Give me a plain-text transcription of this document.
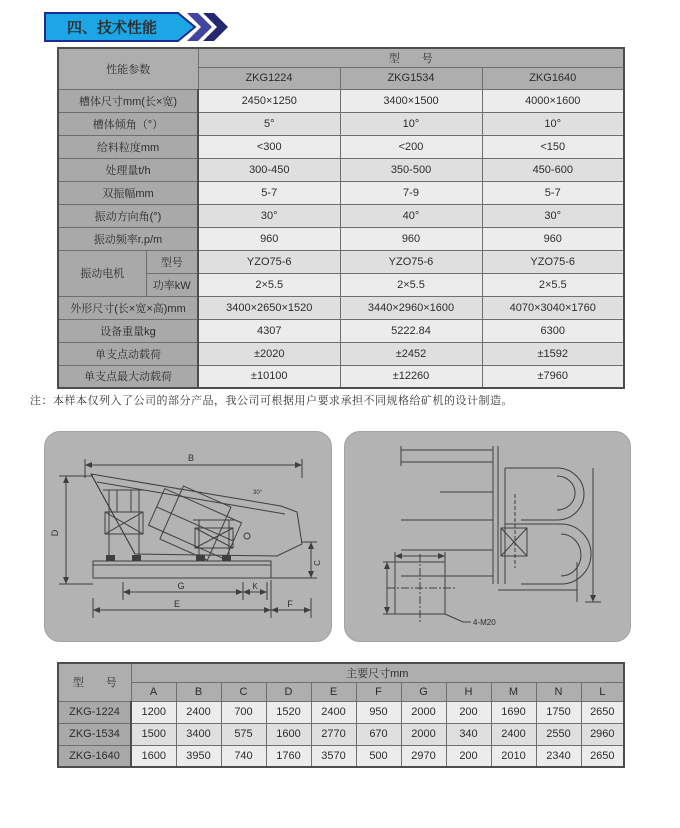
四、技术性能
性能参数		型　　号		
		ZKG1224	ZKG1534	ZKG1640
槽体尺寸mm(长×宽)		2450×1250	3400×1500	4000×1600
槽体倾角（°）		5°	10°	10°
给料粒度mm		<300	<200	<150
处理量t/h		300-450	350-500	450-600
双振幅mm		5-7	7-9	5-7
振动方向角(°)		30°	40°	30°
振动频率r.p/m		960	960	960
振动电机	型号	YZO75-6	YZO75-6	YZO75-6
	功率kW	2×5.5	2×5.5	2×5.5
外形尺寸(长×宽×高)mm		3400×2650×1520	3440×2960×1600	4070×3040×1760
设备重量kg		4307	5222.84	6300
单支点动载荷		±2020	±2452	±1592
单支点最大动载荷		±10100	±12260	±7960
注：本样本仅列入了公司的部分产品，我公司可根据用户要求承担不同规格给矿机的设计制造。
B
D
30°
C
G	K
E	F
4-M20
型　　号	主要尺寸mm										
	A	B	C	D	E	F	G	H	M	N	L
ZKG-1224	1200	2400	700	1520	2400	950	2000	200	1690	1750	2650
ZKG-1534	1500	3400	575	1600	2770	670	2000	340	2400	2550	2960
ZKG-1640	1600	3950	740	1760	3570	500	2970	200	2010	2340	2650
